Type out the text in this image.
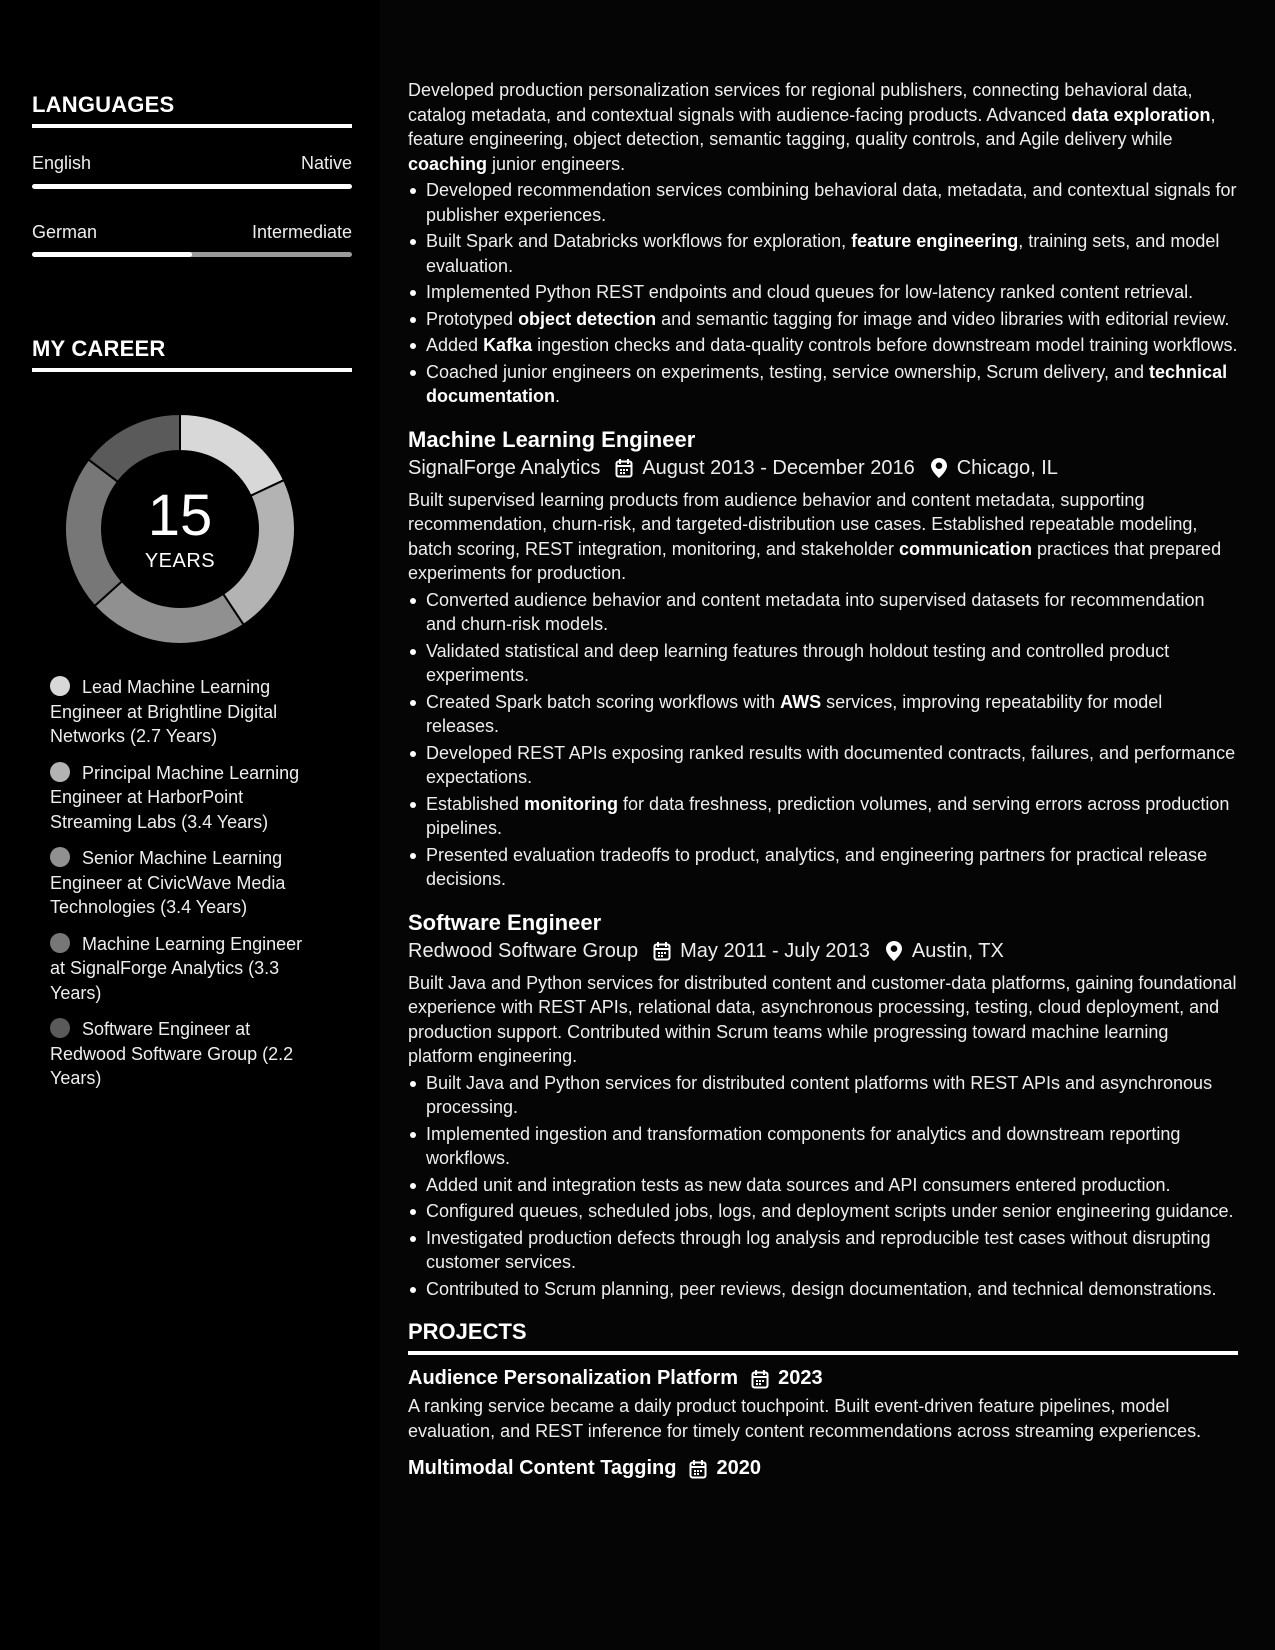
LANGUAGES
English	Native
German	Intermediate
MY CAREER
15
YEARS
Lead Machine Learning Engineer at Brightline Digital Networks (2.7 Years)
Principal Machine Learning Engineer at HarborPoint Streaming Labs (3.4 Years)
Senior Machine Learning Engineer at CivicWave Media Technologies (3.4 Years)
Machine Learning Engineer at SignalForge Analytics (3.3 Years)
Software Engineer at Redwood Software Group (2.2 Years)

Developed production personalization services for regional publishers, connecting behavioral data, catalog metadata, and contextual signals with audience-facing products. Advanced data exploration, feature engineering, object detection, semantic tagging, quality controls, and Agile delivery while coaching junior engineers.

Developed recommendation services combining behavioral data, metadata, and contextual signals for publisher experiences.
Built Spark and Databricks workflows for exploration, feature engineering, training sets, and model evaluation.
Implemented Python REST endpoints and cloud queues for low-latency ranked content retrieval.
Prototyped object detection and semantic tagging for image and video libraries with editorial review.
Added Kafka ingestion checks and data-quality controls before downstream model training workflows.
Coached junior engineers on experiments, testing, service ownership, Scrum delivery, and technical documentation.
Machine Learning Engineer
SignalForge Analytics August 2013 - December 2016 Chicago, IL

Built supervised learning products from audience behavior and content metadata, supporting recommendation, churn-risk, and targeted-distribution use cases. Established repeatable modeling, batch scoring, REST integration, monitoring, and stakeholder communication practices that prepared experiments for production.

Converted audience behavior and content metadata into supervised datasets for recommendation and churn-risk models.
Validated statistical and deep learning features through holdout testing and controlled product experiments.
Created Spark batch scoring workflows with AWS services, improving repeatability for model releases.
Developed REST APIs exposing ranked results with documented contracts, failures, and performance expectations.
Established monitoring for data freshness, prediction volumes, and serving errors across production pipelines.
Presented evaluation tradeoffs to product, analytics, and engineering partners for practical release decisions.
Software Engineer
Redwood Software Group May 2011 - July 2013 Austin, TX

Built Java and Python services for distributed content and customer-data platforms, gaining foundational experience with REST APIs, relational data, asynchronous processing, testing, cloud deployment, and production support. Contributed within Scrum teams while progressing toward machine learning platform engineering.

Built Java and Python services for distributed content platforms with REST APIs and asynchronous processing.
Implemented ingestion and transformation components for analytics and downstream reporting workflows.
Added unit and integration tests as new data sources and API consumers entered production.
Configured queues, scheduled jobs, logs, and deployment scripts under senior engineering guidance.
Investigated production defects through log analysis and reproducible test cases without disrupting customer services.
Contributed to Scrum planning, peer reviews, design documentation, and technical demonstrations.
PROJECTS
Audience Personalization Platform 2023

A ranking service became a daily product touchpoint. Built event-driven feature pipelines, model evaluation, and REST inference for timely content recommendations across streaming experiences.

Multimodal Content Tagging 2020
